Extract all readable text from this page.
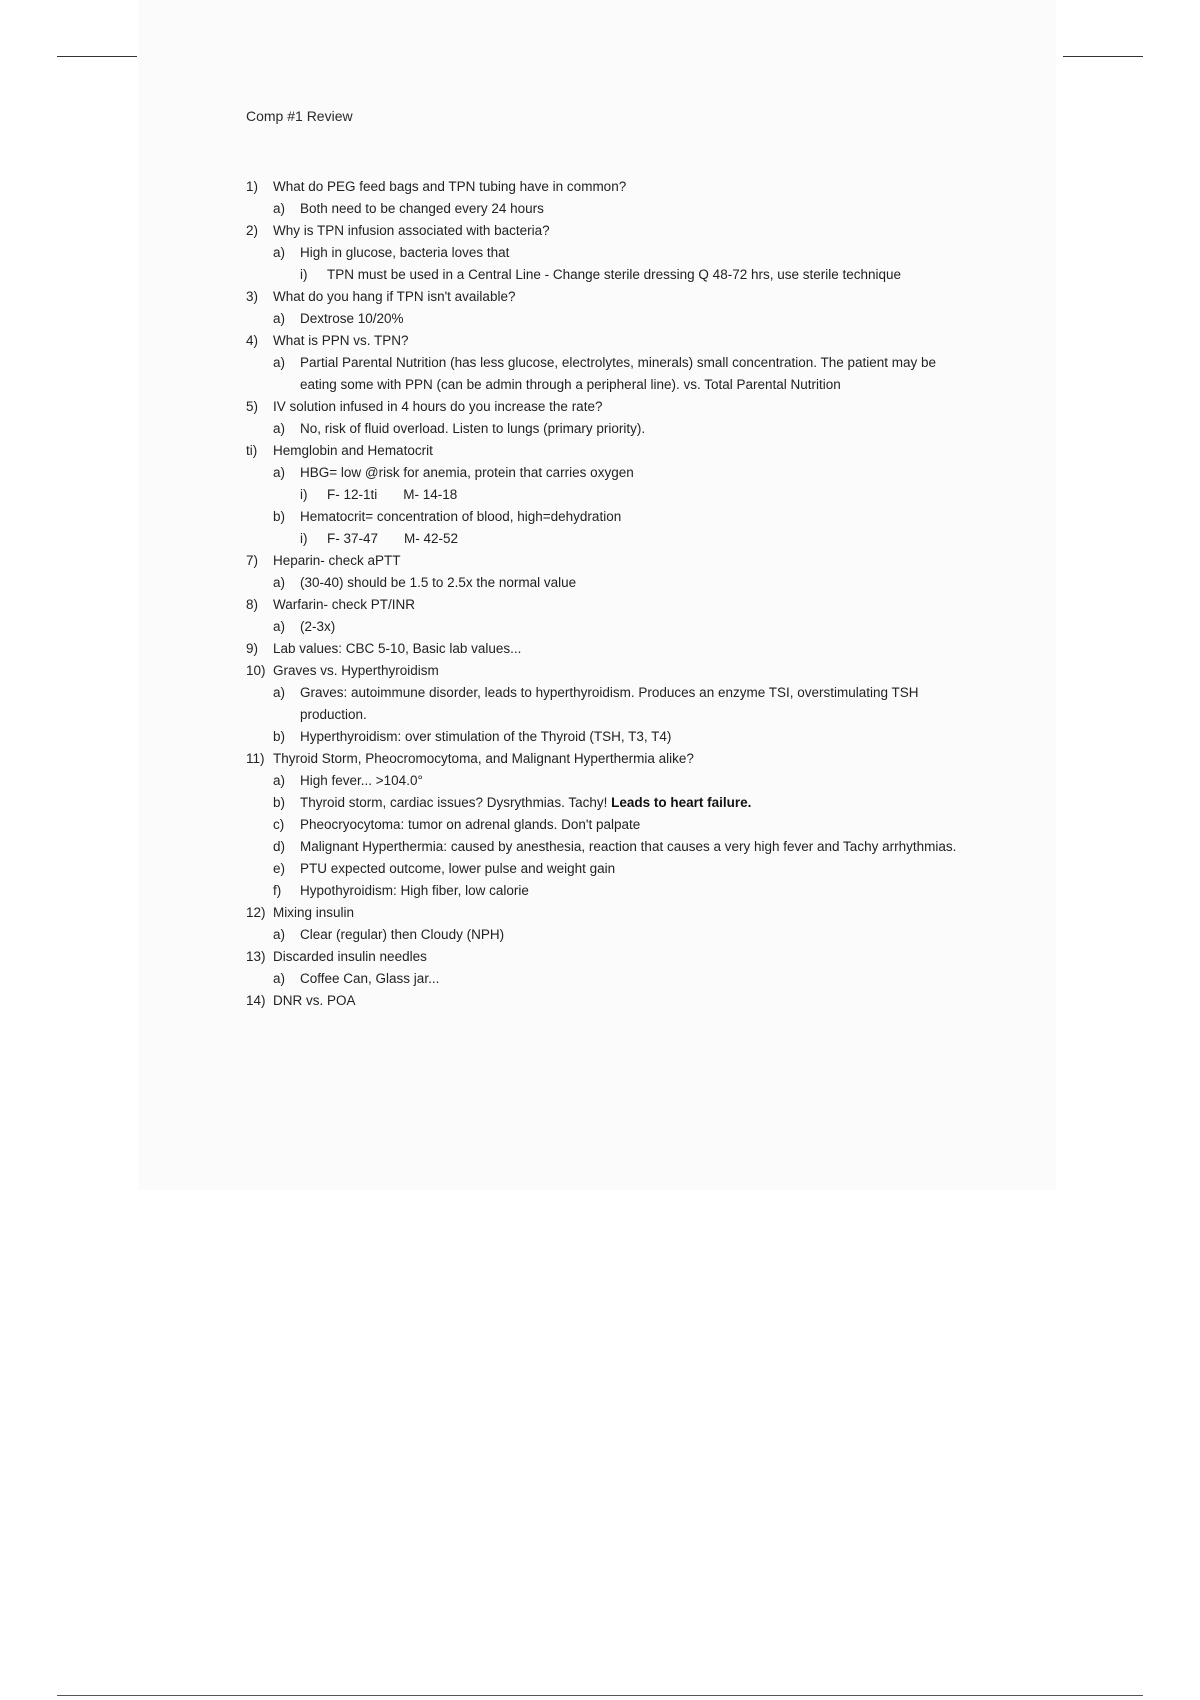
Comp #1 Review
1)	What do PEG feed bags and TPN tubing have in common?
a)	Both need to be changed every 24 hours
2)	Why is TPN infusion associated with bacteria?
a)	High in glucose, bacteria loves that
i)	TPN must be used in a Central Line - Change sterile dressing Q 48-72 hrs, use sterile technique
3)	What do you hang if TPN isn't available?
a)	Dextrose 10/20%
4)	What is PPN vs. TPN?
a)	Partial Parental Nutrition (has less glucose, electrolytes, minerals) small concentration. The patient may be eating some with PPN (can be admin through a peripheral line). vs. Total Parental Nutrition
5)	IV solution infused in 4 hours do you increase the rate?
a)	No, risk of fluid overload. Listen to lungs (primary priority).
ti)	Hemglobin and Hematocrit
a)	HBG= low @risk for anemia, protein that carries oxygen
i)	F- 12-1ti M- 14-18
b)	Hematocrit= concentration of blood, high=dehydration
i)	F- 37-47 M- 42-52
7)	Heparin- check aPTT
a)	(30-40) should be 1.5 to 2.5x the normal value
8)	Warfarin- check PT/INR
a)	(2-3x)
9)	Lab values: CBC 5-10, Basic lab values...
10) Graves vs. Hyperthyroidism
a)	Graves: autoimmune disorder, leads to hyperthyroidism. Produces an enzyme TSI, overstimulating TSH production.
b)	Hyperthyroidism: over stimulation of the Thyroid (TSH, T3, T4)
11) Thyroid Storm, Pheocromocytoma, and Malignant Hyperthermia alike?
a)	High fever... >104.0°
b)	Thyroid storm, cardiac issues? Dysrythmias. Tachy! Leads to heart failure.
c)	Pheocryocytoma: tumor on adrenal glands. Don't palpate
d)	Malignant Hyperthermia: caused by anesthesia, reaction that causes a very high fever and Tachy arrhythmias.
e)	PTU expected outcome, lower pulse and weight gain
f)	Hypothyroidism: High fiber, low calorie
12) Mixing insulin
a)	Clear (regular) then Cloudy (NPH)
13) Discarded insulin needles
a)	Coffee Can, Glass jar...
14) DNR vs. POA
